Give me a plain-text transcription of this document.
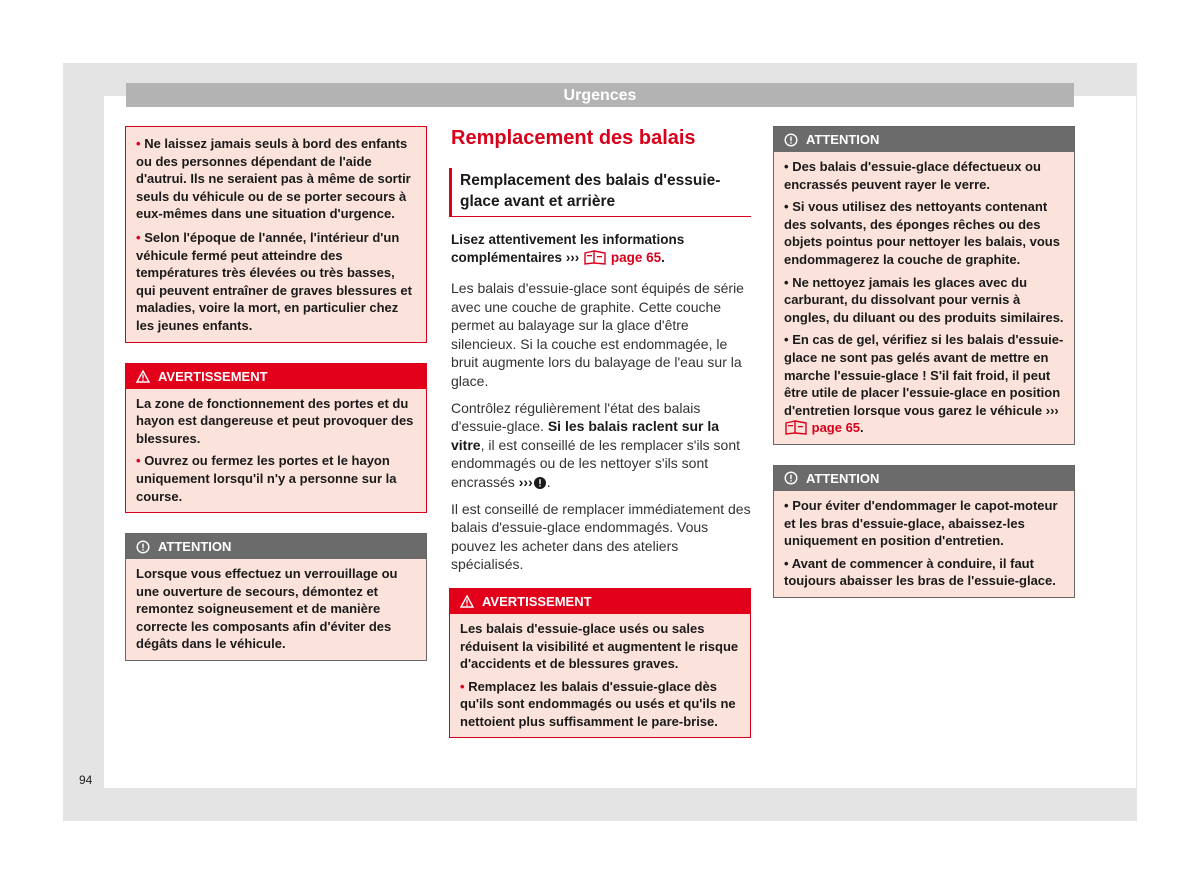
Urgences

• Ne laissez jamais seuls à bord des enfants ou des personnes dépendant de l'aide d'autrui. Ils ne seraient pas à même de sortir seuls du véhicule ou de se porter secours à eux-mêmes dans une situation d'urgence.

• Selon l'époque de l'année, l'intérieur d'un véhicule fermé peut atteindre des températures très élevées ou très basses, qui peuvent entraîner de graves blessures et maladies, voire la mort, en particulier chez les jeunes enfants.

AVERTISSEMENT

La zone de fonctionnement des portes et du hayon est dangereuse et peut provoquer des blessures.

• Ouvrez ou fermez les portes et le hayon uniquement lorsqu'il n'y a personne sur la course.

ATTENTION

Lorsque vous effectuez un verrouillage ou une ouverture de secours, démontez et remontez soigneusement et de manière correcte les composants afin d'éviter des dégâts dans le véhicule.

Remplacement des balais
Remplacement des balais d'essuie-glace avant et arrière

Lisez attentivement les informations complémentaires ››› page 65.

Les balais d'essuie-glace sont équipés de série avec une couche de graphite. Cette couche permet au balayage sur la glace d'être silencieux. Si la couche est endommagée, le bruit augmente lors du balayage de l'eau sur la glace.

Contrôlez régulièrement l'état des balais d'essuie-glace. Si les balais raclent sur la vitre, il est conseillé de les remplacer s'ils sont endommagés ou de les nettoyer s'ils sont encrassés ››› .

Il est conseillé de remplacer immédiatement des balais d'essuie-glace endommagés. Vous pouvez les acheter dans des ateliers spécialisés.

AVERTISSEMENT

Les balais d'essuie-glace usés ou sales réduisent la visibilité et augmentent le risque d'accidents et de blessures graves.

• Remplacez les balais d'essuie-glace dès qu'ils sont endommagés ou usés et qu'ils ne nettoient plus suffisamment le pare-brise.

ATTENTION

• Des balais d'essuie-glace défectueux ou encrassés peuvent rayer le verre.

• Si vous utilisez des nettoyants contenant des solvants, des éponges rêches ou des objets pointus pour nettoyer les balais, vous endommagerez la couche de graphite.

• Ne nettoyez jamais les glaces avec du carburant, du dissolvant pour vernis à ongles, du diluant ou des produits similaires.

• En cas de gel, vérifiez si les balais d'essuie-glace ne sont pas gelés avant de mettre en marche l'essuie-glace ! S'il fait froid, il peut être utile de placer l'essuie-glace en position d'entretien lorsque vous garez le véhicule ››› page 65.

ATTENTION

• Pour éviter d'endommager le capot-moteur et les bras d'essuie-glace, abaissez-les uniquement en position d'entretien.

• Avant de commencer à conduire, il faut toujours abaisser les bras de l'essuie-glace.

94
